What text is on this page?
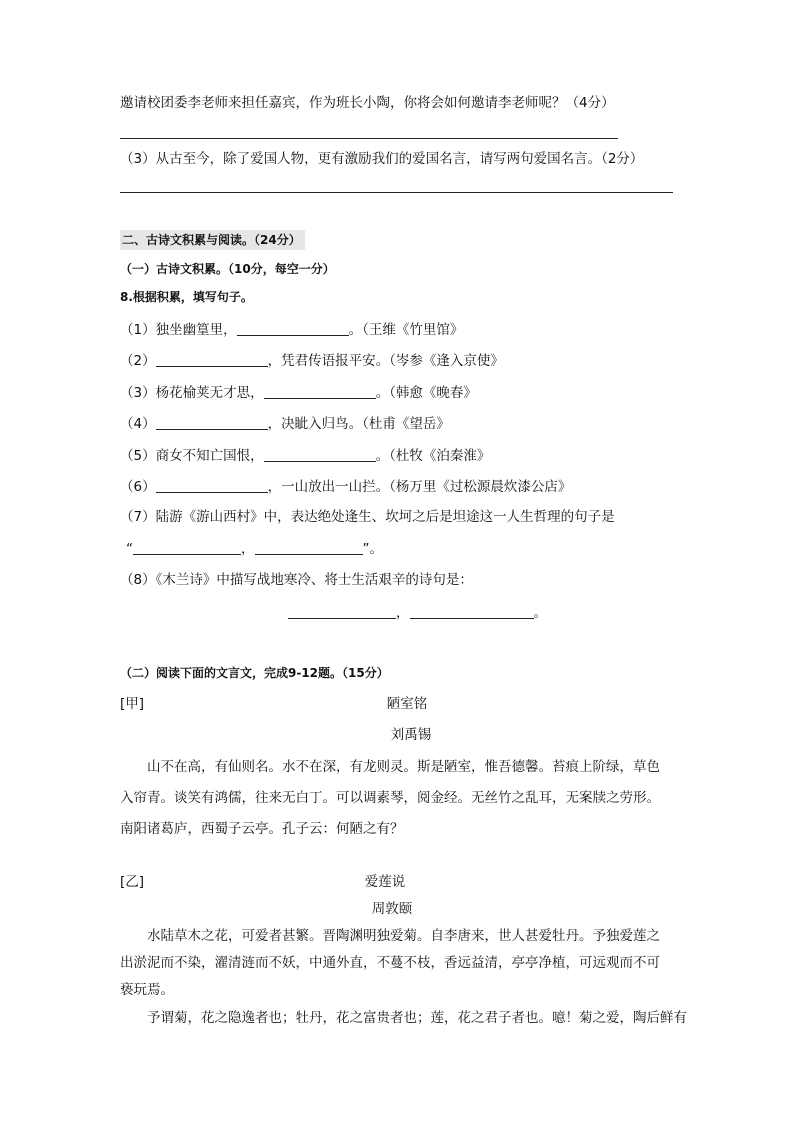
邀请校团委李老师来担任嘉宾，作为班长小陶，你将会如何邀请李老师呢？（4分）
（3）从古至今，除了爱国人物，更有激励我们的爱国名言，请写两句爱国名言。（2分）
二、古诗文积累与阅读。（24分）
（一）古诗文积累。（10分，每空一分）
8.根据积累，填写句子。
（1）独坐幽篁里，	。（王维《竹里馆》
（2）	，凭君传语报平安。（岑参《逢入京使》
（3）杨花榆荚无才思，	。（韩愈《晚春》
（4）	，决眦入归鸟。（杜甫《望岳》
（5）商女不知亡国恨，	。（杜牧《泊秦淮》
（6）	，一山放出一山拦。（杨万里《过松源晨炊漆公店》
（7）陆游《游山西村》中，表达绝处逢生、坎坷之后是坦途这一人生哲理的句子是
“	，	”。
（8）《木兰诗》中描写战地寒冷、将士生活艰辛的诗句是：
，	。
（二）阅读下面的文言文，完成9-12题。（15分）
[甲]	陋室铭
刘禹锡
山不在高，有仙则名。水不在深，有龙则灵。斯是陋室，惟吾德馨。苔痕上阶绿，草色
入帘青。谈笑有鸿儒，往来无白丁。可以调素琴，阅金经。无丝竹之乱耳，无案牍之劳形。
南阳诸葛庐，西蜀子云亭。孔子云：何陋之有？
[乙]	爱莲说
周敦颐
水陆草木之花，可爱者甚繁。晋陶渊明独爱菊。自李唐来，世人甚爱牡丹。予独爱莲之
出淤泥而不染，濯清涟而不妖，中通外直，不蔓不枝，香远益清，亭亭净植，可远观而不可
亵玩焉。
予谓菊，花之隐逸者也；牡丹，花之富贵者也；莲，花之君子者也。噫！菊之爱，陶后鲜有
